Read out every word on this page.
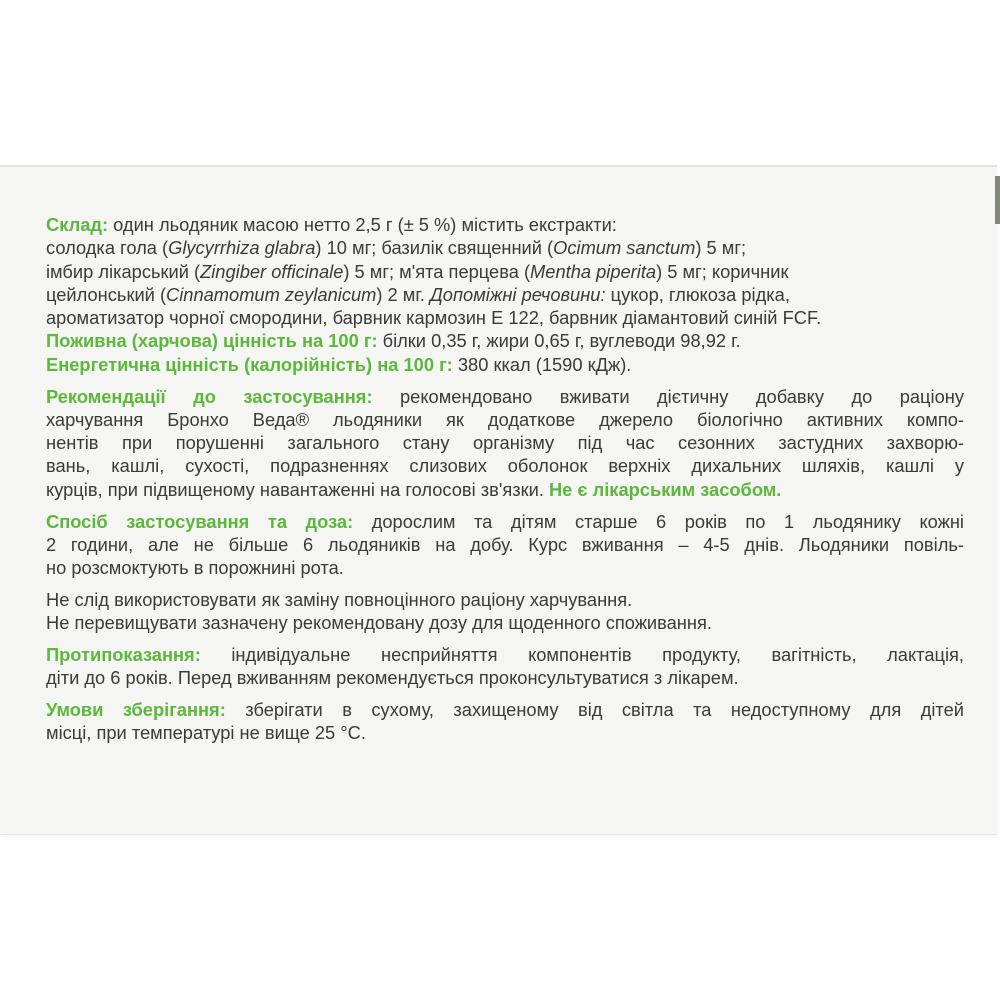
Склад: один льодяник масою нетто 2,5 г (± 5 %) містить екстракти:

солодка гола (Glycyrrhiza glabra) 10 мг; базилік священний (Ocimum sanctum) 5 мг;

імбир лікарський (Zingiber officinale) 5 мг; м'ята перцева (Mentha piperita) 5 мг; коричник

цейлонський (Cinnamomum zeylanicum) 2 мг. Допоміжні речовини: цукор, глюкоза рідка,

ароматизатор чорної смородини, барвник кармозин Е 122, барвник діамантовий синій FCF.

Поживна (харчова) цінність на 100 г: білки 0,35 г, жири 0,65 г, вуглеводи 98,92 г.

Енергетична цінність (калорійність) на 100 г: 380 ккал (1590 кДж).

Рекомендації до застосування: рекомендовано вживати дієтичну добавку до раціону

харчування Бронхо Веда® льодяники як додаткове джерело біологічно активних компо-

нентів при порушенні загального стану організму під час сезонних застудних захворю-

вань, кашлі, сухості, подразненнях слизових оболонок верхніх дихальних шляхів, кашлі у

курців, при підвищеному навантаженні на голосові зв'язки. Не є лікарським засобом.

Спосіб застосування та доза: дорослим та дітям старше 6 років по 1 льодянику кожні

2 години, але не більше 6 льодяників на добу. Курс вживання – 4-5 днів. Льодяники повіль-

но розсмоктують в порожнині рота.

Не слід використовувати як заміну повноцінного раціону харчування.

Не перевищувати зазначену рекомендовану дозу для щоденного споживання.

Протипоказання: індивідуальне несприйняття компонентів продукту, вагітність, лактація,

діти до 6 років. Перед вживанням рекомендується проконсультуватися з лікарем.

Умови зберігання: зберігати в сухому, захищеному від світла та недоступному для дітей

місці, при температурі не вище 25 °С.
